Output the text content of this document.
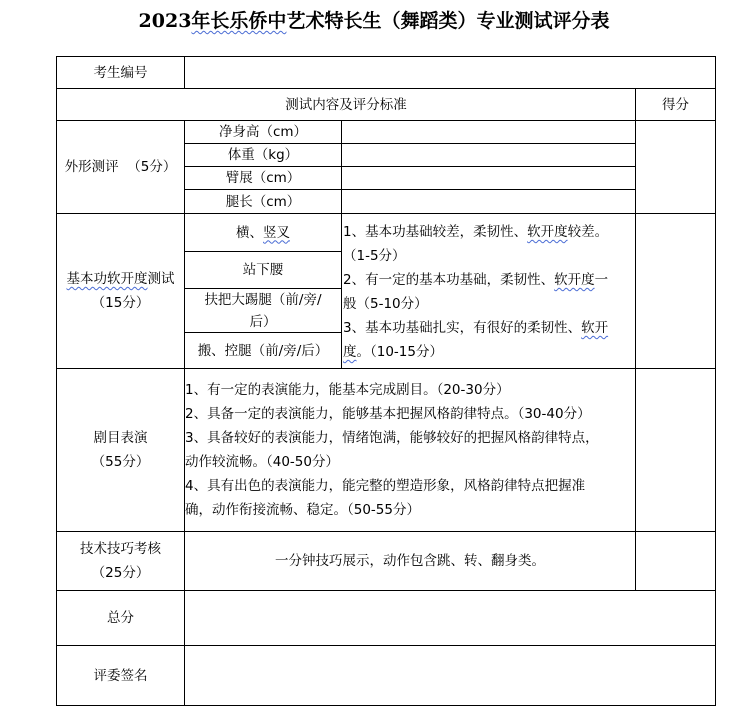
2023年长乐侨中艺术特长生（舞蹈类）专业测试评分表
考生编号
测试内容及评分标准	得分
外形测评
（5分）
净身高（cm）
体重（kg）
臂展（cm）
腿长（cm）
基本功软开度测试
（15分）
横、竖叉
站下腰
扶把大踢腿（前/旁/
后）
搬、控腿（前/旁/后）
1、基本功基础较差，柔韧性、软开度较差。
（1-5分）
2、有一定的基本功基础，柔韧性、软开度一
般（5-10分）
3、基本功基础扎实，有很好的柔韧性、软开
度。（10-15分）
剧目表演
（55分）
1、有一定的表演能力，能基本完成剧目。（20-30分）
2、具备一定的表演能力，能够基本把握风格韵律特点。（30-40分）
3、具备较好的表演能力，情绪饱满，能够较好的把握风格韵律特点，
动作较流畅。（40-50分）
4、具有出色的表演能力，能完整的塑造形象，风格韵律特点把握准
确，动作衔接流畅、稳定。（50-55分）
技术技巧考核
（25分）
一分钟技巧展示，动作包含跳、转、翻身类。
总分
评委签名
